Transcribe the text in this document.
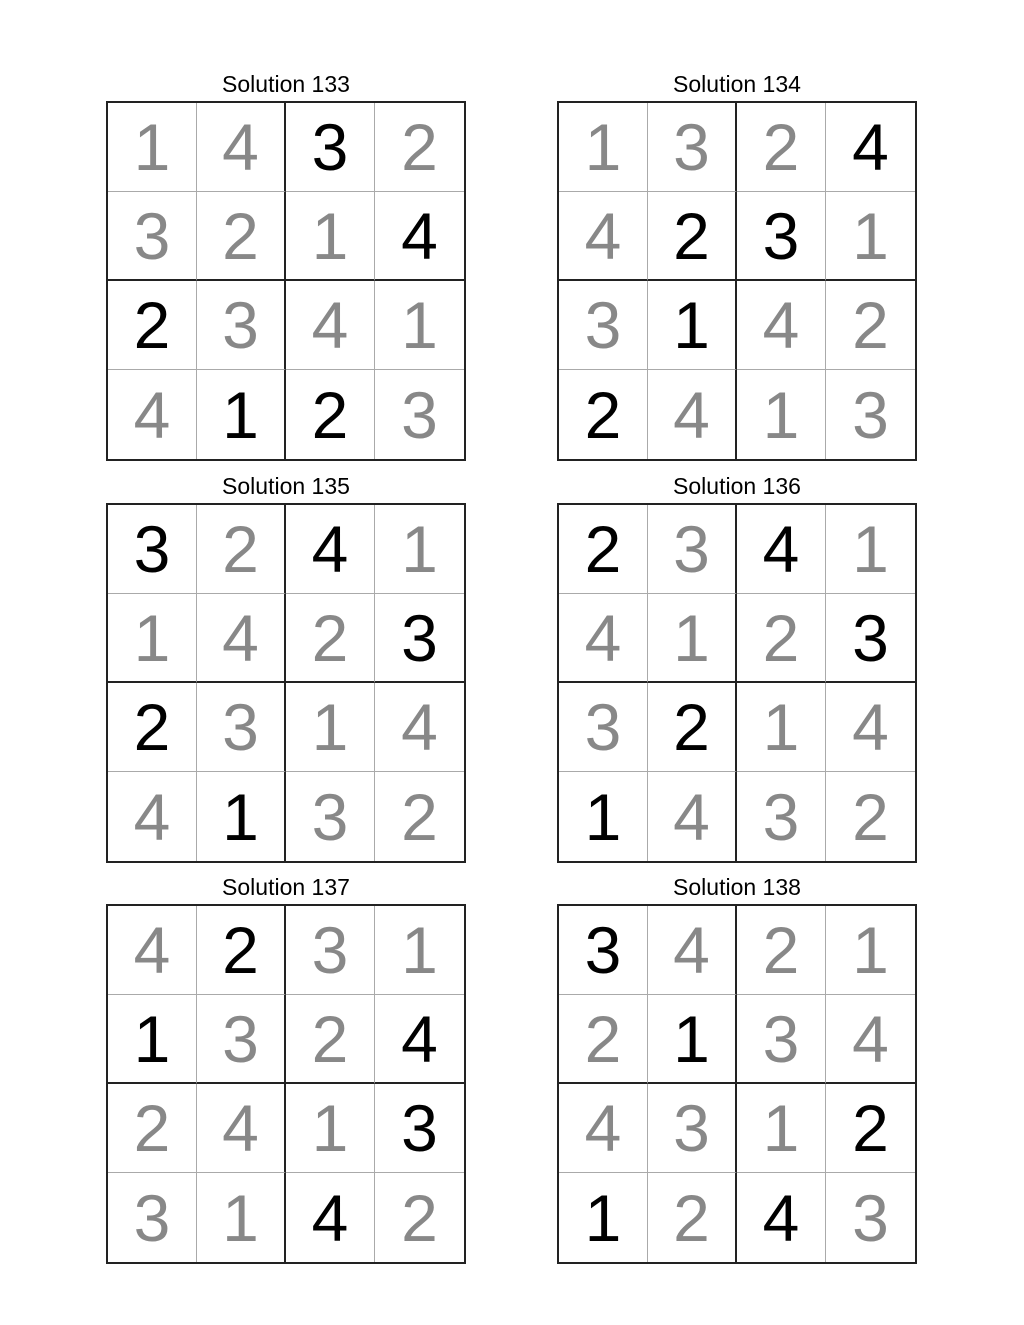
Solution 133
1 4 3 2
3 2 1 4
2 3 4 1
4 1 2 3
Solution 134
1 3 2 4
4 2 3 1
3 1 4 2
2 4 1 3
Solution 135
3 2 4 1
1 4 2 3
2 3 1 4
4 1 3 2
Solution 136
2 3 4 1
4 1 2 3
3 2 1 4
1 4 3 2
Solution 137
4 2 3 1
1 3 2 4
2 4 1 3
3 1 4 2
Solution 138
3 4 2 1
2 1 3 4
4 3 1 2
1 2 4 3
